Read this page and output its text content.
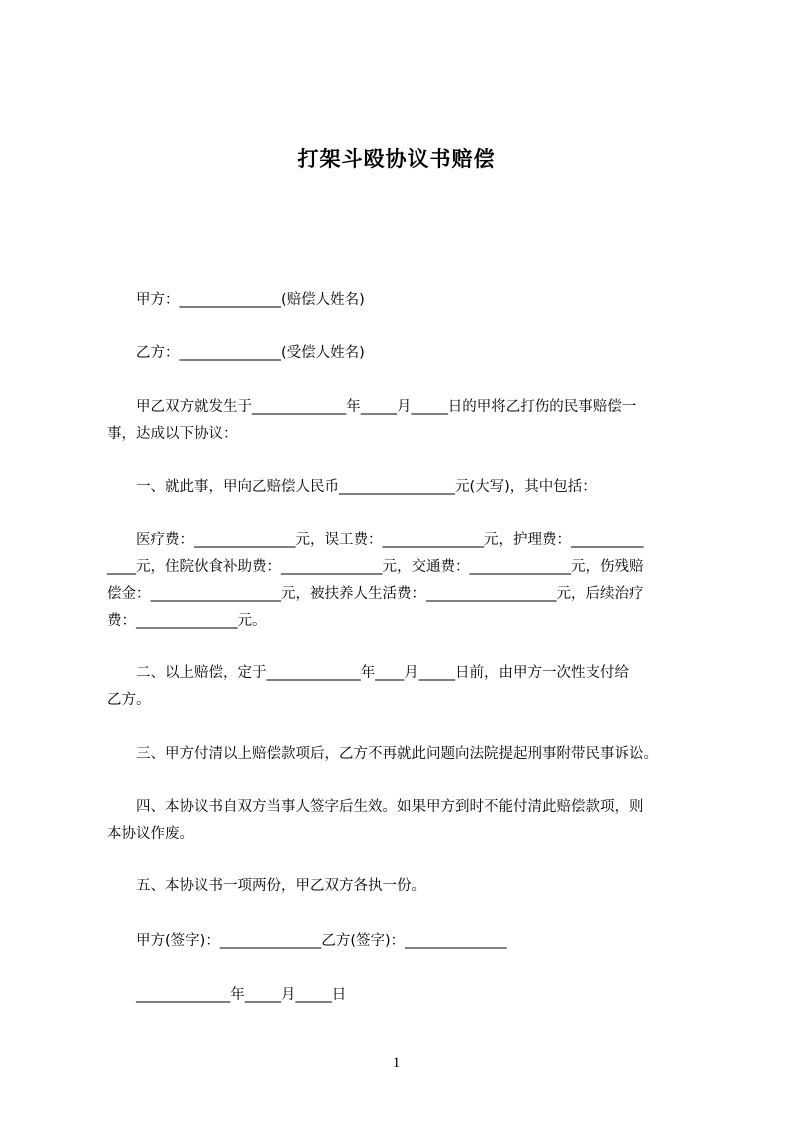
打架斗殴协议书赔偿

甲方：______________(赔偿人姓名)

乙方：______________(受偿人姓名)

甲乙双方就发生于_____________年_____月_____日的甲将乙打伤的民事赔偿一
事，达成以下协议：

一、就此事，甲向乙赔偿人民币________________元(大写)，其中包括：

医疗费：______________元，误工费：______________元，护理费：__________
____元，住院伙食补助费：______________元，交通费：______________元，伤残赔
偿金：__________________元，被扶养人生活费：__________________元，后续治疗
费：______________元。
二、以上赔偿，定于_____________年____月_____日前，由甲方一次性支付给
乙方。

三、甲方付清以上赔偿款项后，乙方不再就此问题向法院提起刑事附带民事诉讼。

四、本协议书自双方当事人签字后生效。如果甲方到时不能付清此赔偿款项，则
本协议作废。

五、本协议书一项两份，甲乙双方各执一份。

甲方(签字)：______________乙方(签字)：______________

_____________年_____月_____日

1
